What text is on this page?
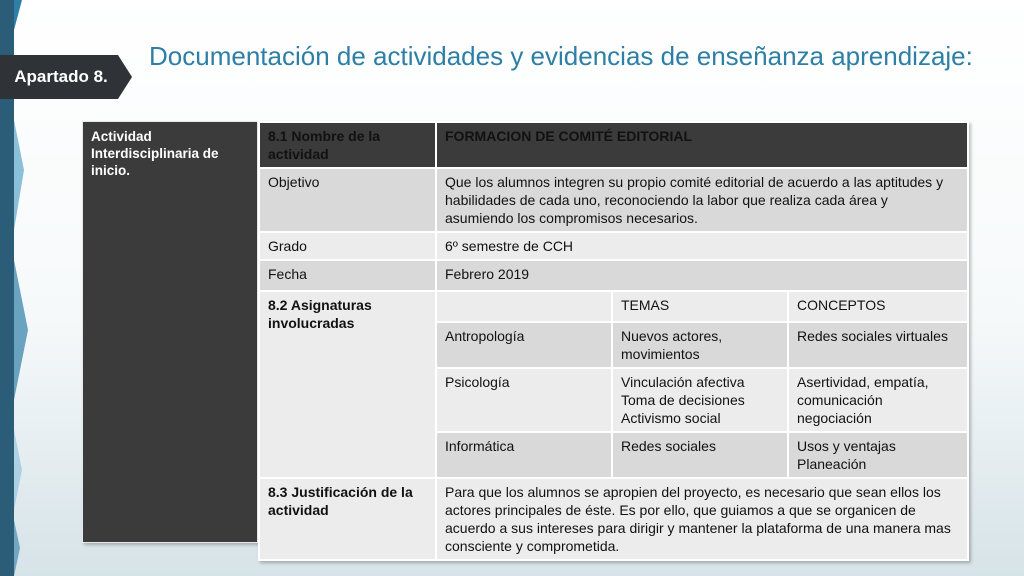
Apartado 8.
Documentación de actividades y evidencias de enseñanza aprendizaje:
Actividad Interdisciplinaria de inicio.
8.1 Nombre de la actividad	FORMACION DE COMITÉ EDITORIAL		
Objetivo	Que los alumnos integren su propio comité editorial de acuerdo a las aptitudes y habilidades de cada uno, reconociendo la labor que realiza cada área y asumiendo los compromisos necesarios.		
Grado	6º semestre de CCH		
Fecha	Febrero 2019		
8.2 Asignaturas involucradas		TEMAS	CONCEPTOS
	Antropología	Nuevos actores, movimientos	Redes sociales virtuales
	Psicología	Vinculación afectiva Toma de decisiones Activismo social	Asertividad, empatía, comunicación negociación
	Informática	Redes sociales	Usos y ventajas Planeación
8.3 Justificación de la actividad	Para que los alumnos se apropien del proyecto, es necesario que sean ellos los actores principales de éste. Es por ello, que guiamos a que se organicen de acuerdo a sus intereses para dirigir y mantener la plataforma de una manera mas consciente y comprometida.		
